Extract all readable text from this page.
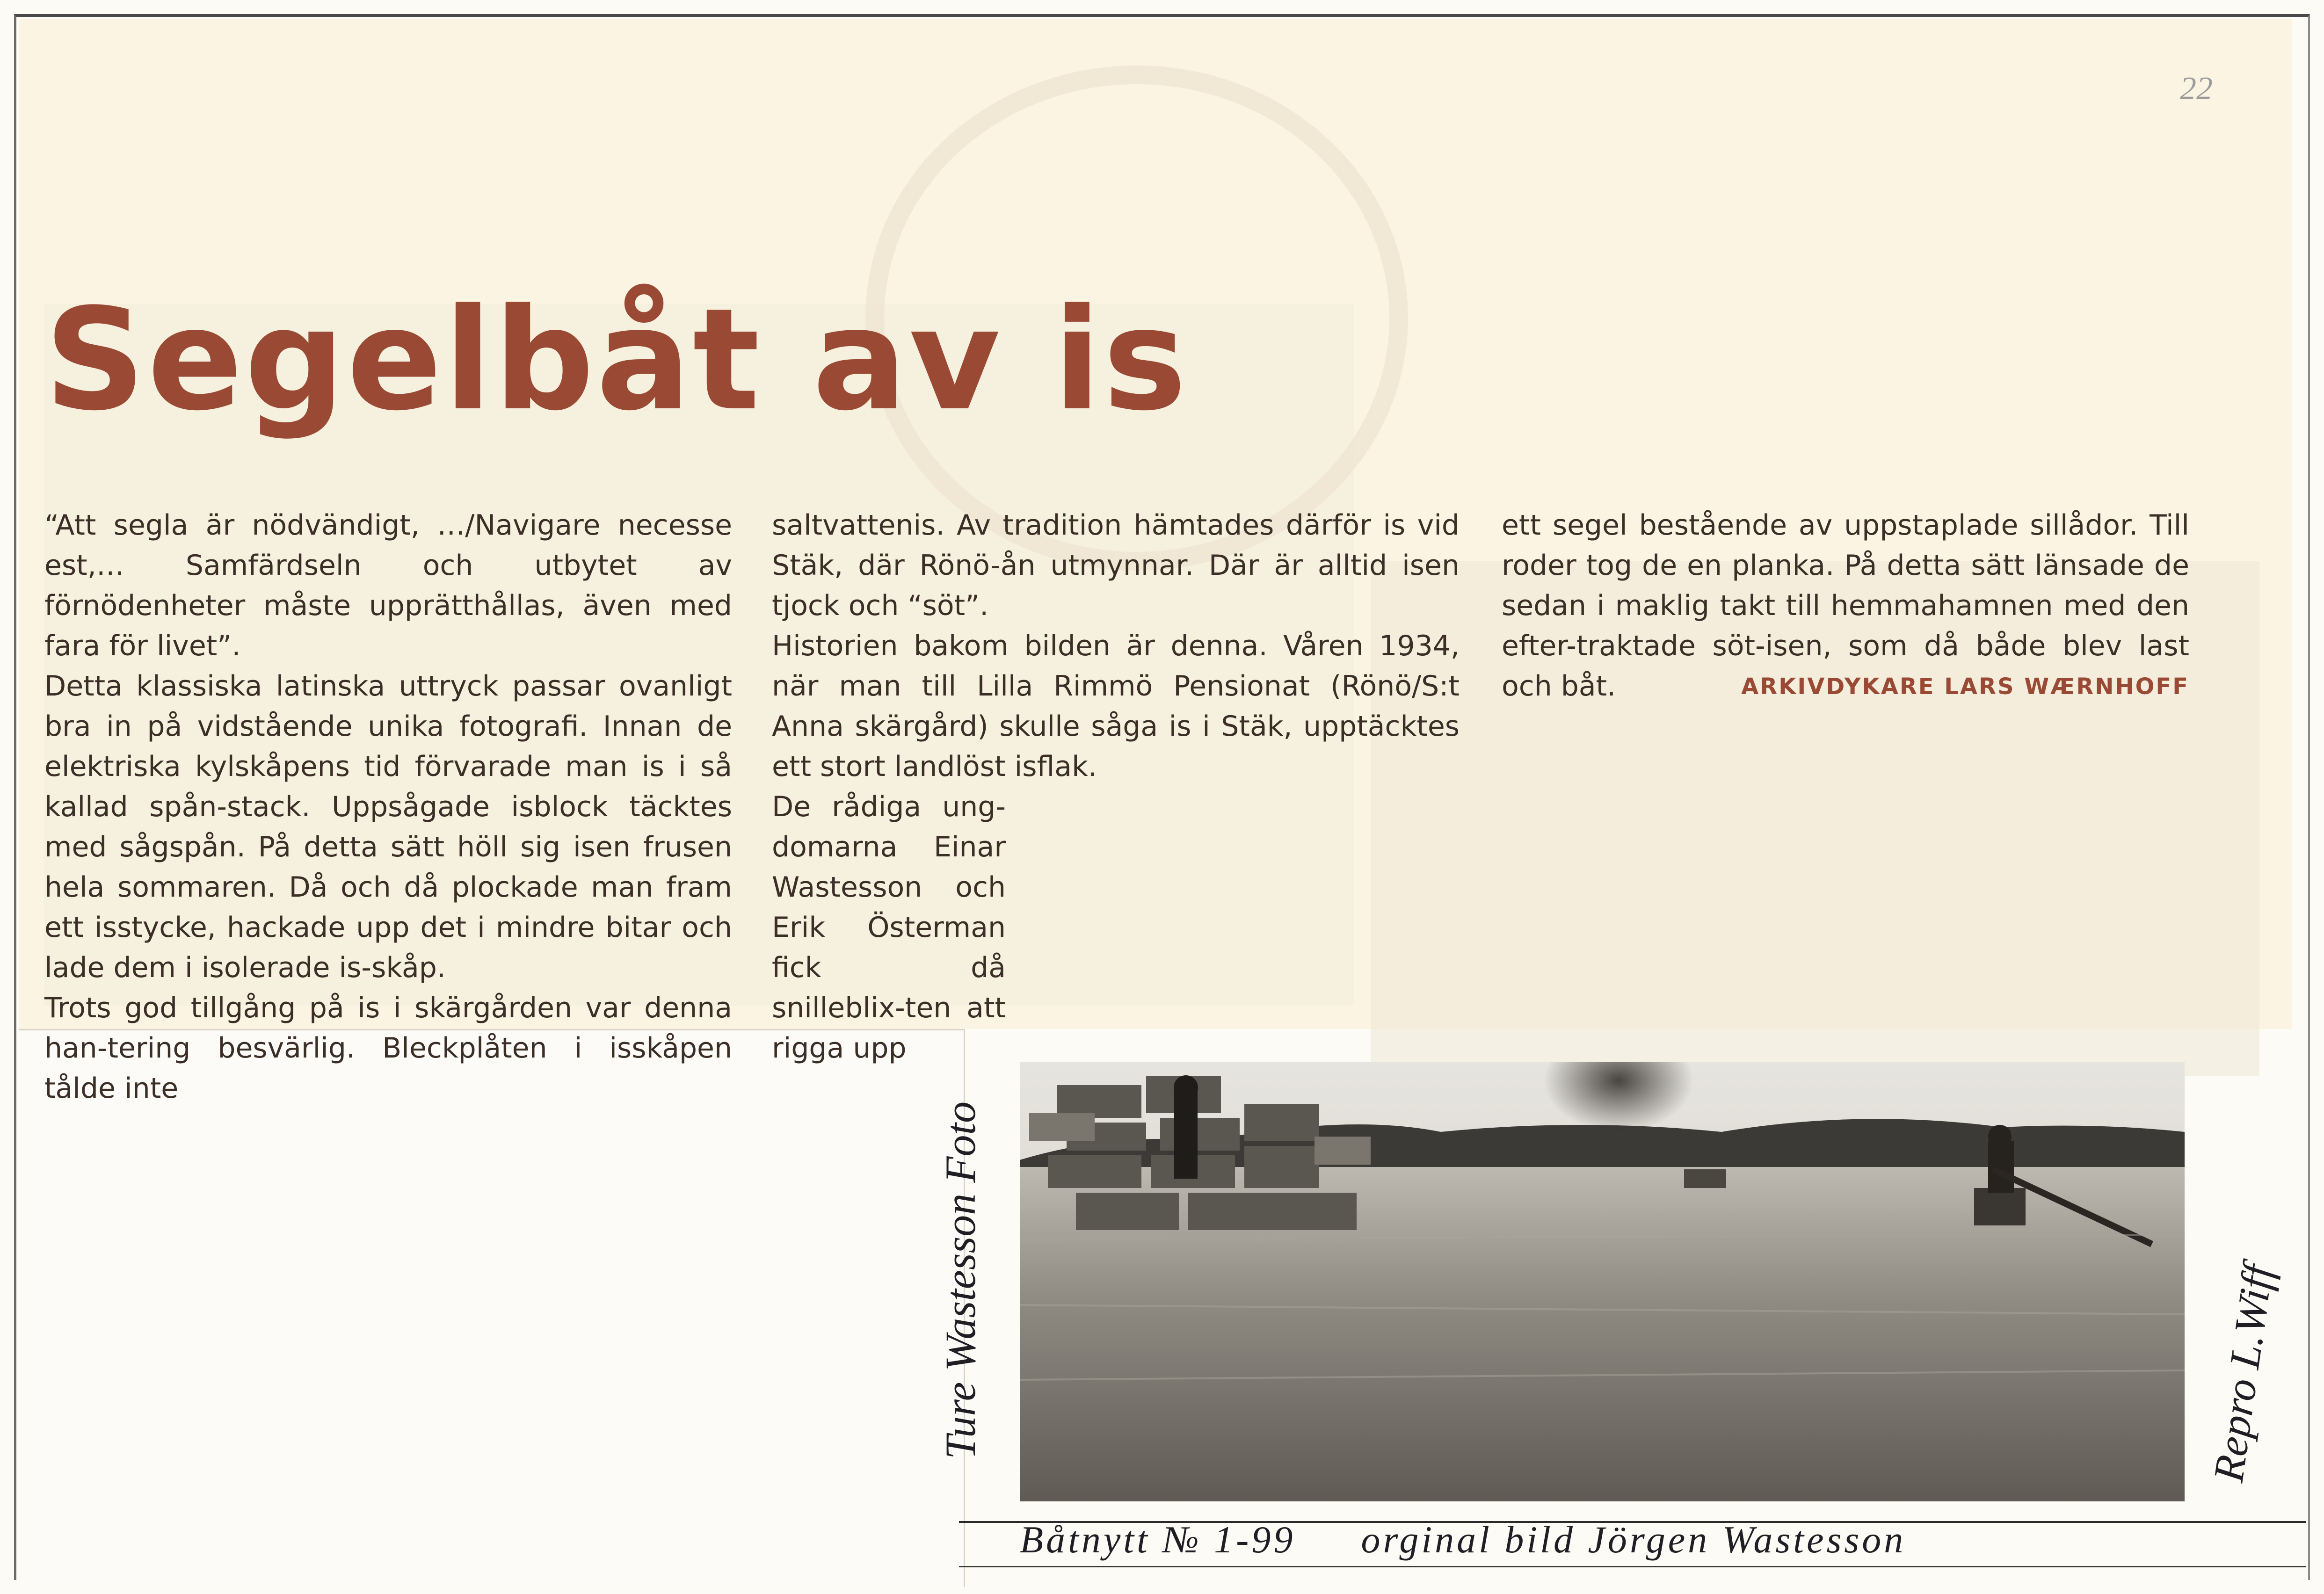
22
Segelbåt av is

“Att segla är nödvändigt, …/Navigare necesse est,… Samfärdseln och utbytet av förnödenheter måste upprätthållas, även med fara för livet”.

Detta klassiska latinska uttryck passar ovanligt bra in på vidstående unika fotografi. Innan de elektriska kylskåpens tid förvarade man is i så kallad spån-stack. Uppsågade isblock täcktes med sågspån. På detta sätt höll sig isen frusen hela sommaren. Då och då plockade man fram ett isstycke, hackade upp det i mindre bitar och lade dem i isolerade is-skåp.

Trots god tillgång på is i skärgården var denna han-tering besvärlig. Bleckplåten i isskåpen tålde inte

saltvattenis. Av tradition hämtades därför is vid Stäk, där Rönö-ån utmynnar. Där är alltid isen tjock och “söt”.

Historien bakom bilden är denna. Våren 1934, när man till Lilla Rimmö Pensionat (Rönö/S:t Anna skärgård) skulle såga is i Stäk, upptäcktes ett stort landlöst isflak.

De rådiga ung-domarna Einar Wastesson och Erik Österman fick då snilleblix-ten att rigga upp

ett segel bestående av uppstaplade sillådor. Till roder tog de en planka. På detta sätt länsade de sedan i maklig takt till hemmahamnen med den efter-traktade söt-isen, som då både blev last och båt.	ARKIVDYKARE LARS WÆRNHOFF
Ture Wastesson Foto	Repro L.Wiff
Båtnytt № 1-99 orginal bild Jörgen Wastesson
